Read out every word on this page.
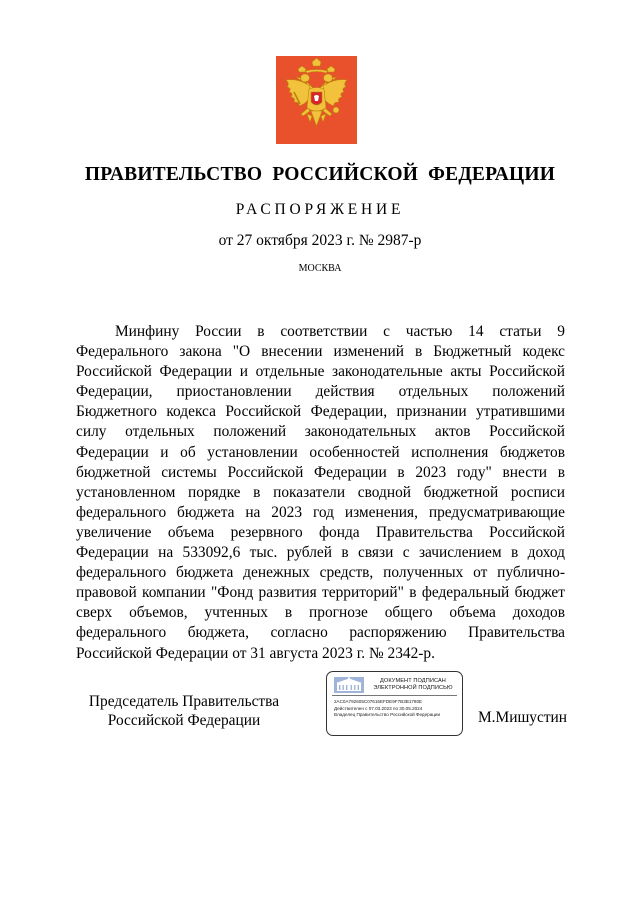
ПРАВИТЕЛЬСТВО РОССИЙСКОЙ ФЕДЕРАЦИИ
РАСПОРЯЖЕНИЕ
от 27 октября 2023 г. № 2987-р
МОСКВА

Минфину России в соответствии с частью 14 статьи 9 Федерального закона "О внесении изменений в Бюджетный кодекс Российской Федерации и отдельные законодательные акты Российской Федерации, приостановлении действия отдельных положений Бюджетного кодекса Российской Федерации, признании утратившими силу отдельных положений законодательных актов Российской Федерации и об установлении особенностей исполнения бюджетов бюджетной системы Российской Федерации в 2023 году" внести в установленном порядке в показатели сводной бюджетной росписи федерального бюджета на 2023 год изменения, предусматривающие увеличение объема резервного фонда Правительства Российской Федерации на 533092,6 тыс. рублей в связи с зачислением в доход федерального бюджета денежных средств, полученных от публично-правовой компании "Фонд развития территорий" в федеральный бюджет сверх объемов, учтенных в прогнозе общего объема доходов федерального бюджета, согласно распоряжению Правительства Российской Федерации от 31 августа 2023 г. № 2342-р.

Председатель Правительства
Российской Федерации
ДОКУМЕНТ ПОДПИСАН
ЭЛЕКТРОННОЙ ПОДПИСЬЮ
2AC0A792605C07616EFDE9F7B3B1780E
Действителен с 07.03.2023 по 30.05.2024
Владелец Правительство Российской Федерации	М.Мишустин
